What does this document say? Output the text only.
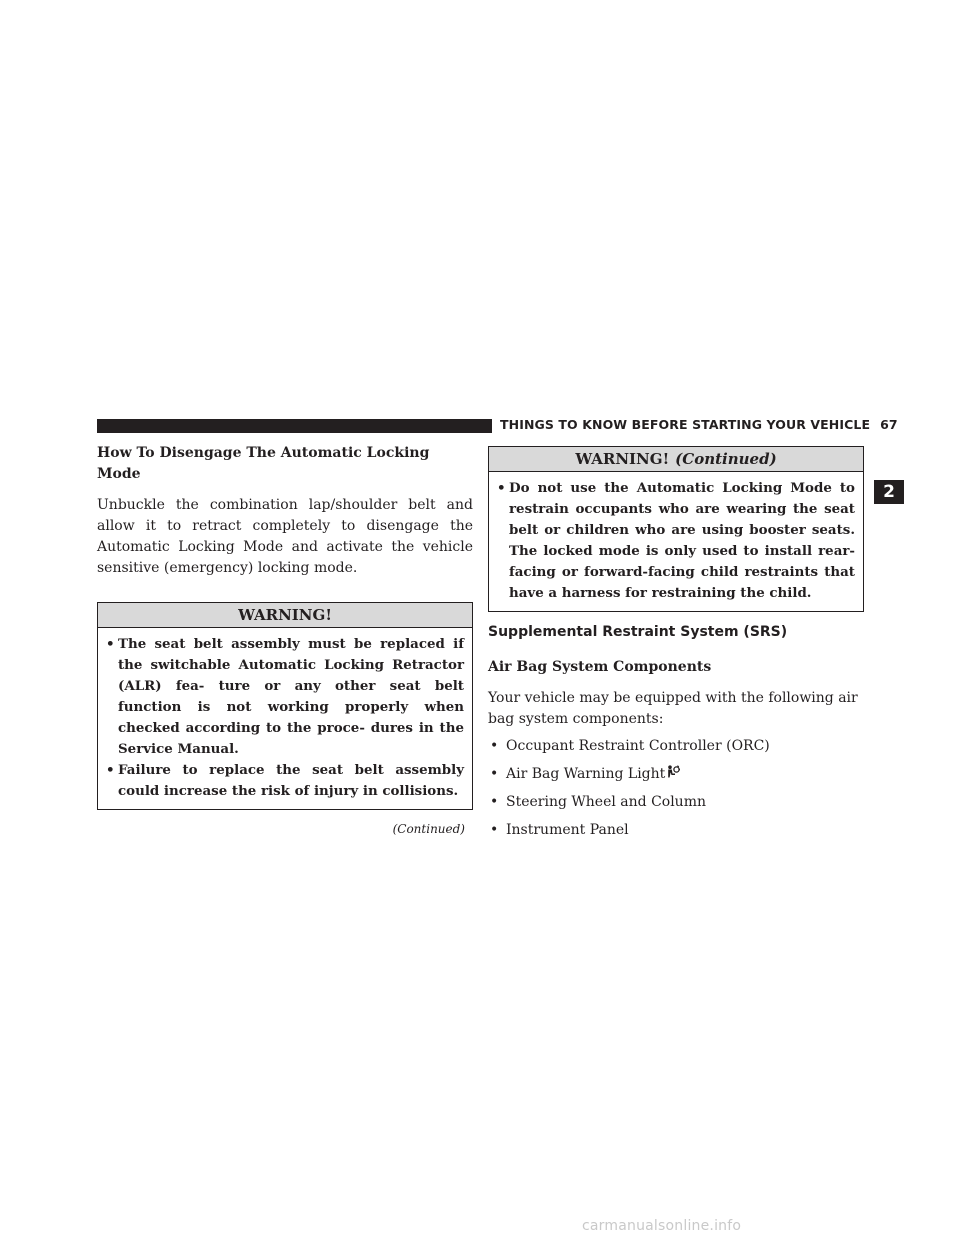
THINGS TO KNOW BEFORE STARTING YOUR VEHICLE 67
2
How To Disengage The Automatic Locking Mode

Unbuckle the combination lap/shoulder belt and allow it to retract completely to disengage the Automatic Locking Mode and activate the vehicle sensitive (emergency) locking mode.

WARNING!
• The seat belt assembly must be replaced if the switchable Automatic Locking Retractor (ALR) fea- ture or any other seat belt function is not working properly when checked according to the proce- dures in the Service Manual.
• Failure to replace the seat belt assembly could increase the risk of injury in collisions.
(Continued)
WARNING! (Continued)
• Do not use the Automatic Locking Mode to restrain occupants who are wearing the seat belt or children who are using booster seats. The locked mode is only used to install rear-facing or forward-facing child restraints that have a harness for restraining the child.
Supplemental Restraint System (SRS)
Air Bag System Components

Your vehicle may be equipped with the following air bag system components:

• Occupant Restraint Controller (ORC)
• Air Bag Warning Light
• Steering Wheel and Column
• Instrument Panel
carmanualsonline.info
